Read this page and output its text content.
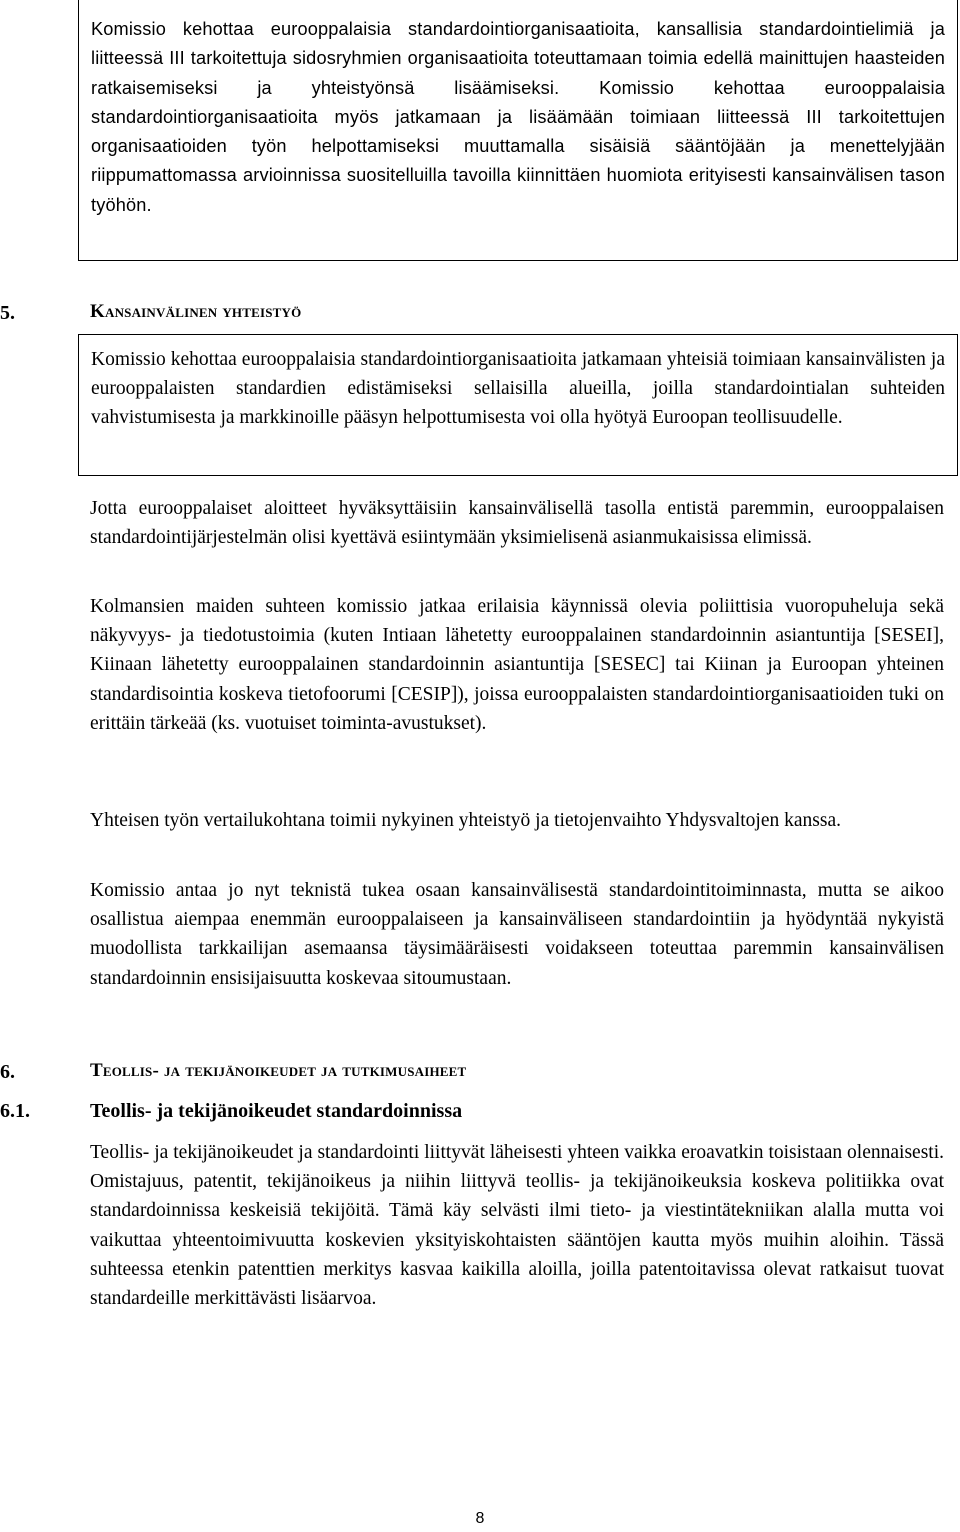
Komissio kehottaa eurooppalaisia standardointiorganisaatioita, kansallisia standardointielimiä ja liitteessä III tarkoitettuja sidosryhmien organisaatioita toteuttamaan toimia edellä mainittujen haasteiden ratkaisemiseksi ja yhteistyönsä lisäämiseksi. Komissio kehottaa eurooppalaisia standardointiorganisaatioita myös jatkamaan ja lisäämään toimiaan liitteessä III tarkoitettujen organisaatioiden työn helpottamiseksi muuttamalla sisäisiä sääntöjään ja menettelyjään riippumattomassa arvioinnissa suositelluilla tavoilla kiinnittäen huomiota erityisesti kansainvälisen tason työhön.

5.	Kansainvälinen yhteistyö

Komissio kehottaa eurooppalaisia standardointiorganisaatioita jatkamaan yhteisiä toimiaan kansainvälisten ja eurooppalaisten standardien edistämiseksi sellaisilla alueilla, joilla standardointialan suhteiden vahvistumisesta ja markkinoille pääsyn helpottumisesta voi olla hyötyä Euroopan teollisuudelle.

Jotta eurooppalaiset aloitteet hyväksyttäisiin kansainvälisellä tasolla entistä paremmin, eurooppalaisen standardointijärjestelmän olisi kyettävä esiintymään yksimielisenä asianmukaisissa elimissä.

Kolmansien maiden suhteen komissio jatkaa erilaisia käynnissä olevia poliittisia vuoropuheluja sekä näkyvyys- ja tiedotustoimia (kuten Intiaan lähetetty eurooppalainen standardoinnin asiantuntija [SESEI], Kiinaan lähetetty eurooppalainen standardoinnin asiantuntija [SESEC] tai Kiinan ja Euroopan yhteinen standardisointia koskeva tietofoorumi [CESIP]), joissa eurooppalaisten standardointiorganisaatioiden tuki on erittäin tärkeää (ks. vuotuiset toiminta-avustukset).

Yhteisen työn vertailukohtana toimii nykyinen yhteistyö ja tietojenvaihto Yhdysvaltojen kanssa.

Komissio antaa jo nyt teknistä tukea osaan kansainvälisestä standardointitoiminnasta, mutta se aikoo osallistua aiempaa enemmän eurooppalaiseen ja kansainväliseen standardointiin ja hyödyntää nykyistä muodollista tarkkailijan asemaansa täysimääräisesti voidakseen toteuttaa paremmin kansainvälisen standardoinnin ensisijaisuutta koskevaa sitoumustaan.

6.	Teollis- ja tekijänoikeudet ja tutkimusaiheet
6.1.	Teollis- ja tekijänoikeudet standardoinnissa

Teollis- ja tekijänoikeudet ja standardointi liittyvät läheisesti yhteen vaikka eroavatkin toisistaan olennaisesti. Omistajuus, patentit, tekijänoikeus ja niihin liittyvä teollis- ja tekijänoikeuksia koskeva politiikka ovat standardoinnissa keskeisiä tekijöitä. Tämä käy selvästi ilmi tieto- ja viestintätekniikan alalla mutta voi vaikuttaa yhteentoimivuutta koskevien yksityiskohtaisten sääntöjen kautta myös muihin aloihin. Tässä suhteessa etenkin patenttien merkitys kasvaa kaikilla aloilla, joilla patentoitavissa olevat ratkaisut tuovat standardeille merkittävästi lisäarvoa.

8
